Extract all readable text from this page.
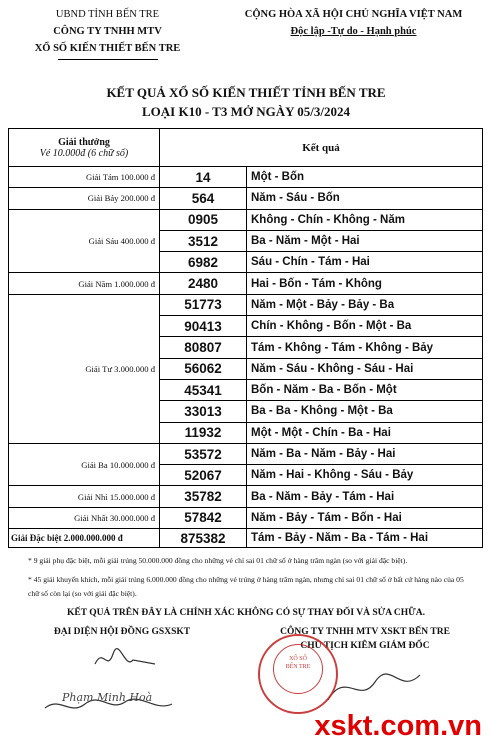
UBND TỈNH BẾN TRE
CÔNG TY TNHH MTV
XỔ SỐ KIẾN THIẾT BẾN TRE
CỘNG HÒA XÃ HỘI CHỦ NGHĨA VIỆT NAM
Độc lập -Tự do - Hạnh phúc
KẾT QUẢ XỔ SỐ KIẾN THIẾT TỈNH BẾN TRE
LOẠI K10 - T3 MỞ NGÀY 05/3/2024
Giải thưởng
Vé 10.000đ (6 chữ số)	Kết quả	
Giải Tám 100.000 đ	14	Một - Bốn
Giải Bảy 200.000 đ	564	Năm - Sáu - Bốn
Giải Sáu 400.000 đ	0905	Không - Chín - Không - Năm
	3512	Ba - Năm - Một - Hai
	6982	Sáu - Chín - Tám - Hai
Giải Năm 1.000.000 đ	2480	Hai - Bốn - Tám - Không
Giải Tư 3.000.000 đ	51773	Năm - Một - Bảy - Bảy - Ba
	90413	Chín - Không - Bốn - Một - Ba
	80807	Tám - Không - Tám - Không - Bảy
	56062	Năm - Sáu - Không - Sáu - Hai
	45341	Bốn - Năm - Ba - Bốn - Một
	33013	Ba - Ba - Không - Một - Ba
	11932	Một - Một - Chín - Ba - Hai
Giải Ba 10.000.000 đ	53572	Năm - Ba - Năm - Bảy - Hai
	52067	Năm - Hai - Không - Sáu - Bảy
Giải Nhì 15.000.000 đ	35782	Ba - Năm - Bảy - Tám - Hai
Giải Nhất 30.000.000 đ	57842	Năm - Bảy - Tám - Bốn - Hai
Giải Đặc biệt 2.000.000.000 đ	875382	Tám - Bảy - Năm - Ba - Tám - Hai
* 9 giải phụ đặc biệt, mỗi giải trúng 50.000.000 đồng cho những vé chỉ sai 01 chữ số ở hàng trăm ngàn (so với giải đặc biệt).
* 45 giải khuyến khích, mỗi giải trúng 6.000.000 đồng cho những vé trúng ở hàng trăm ngàn, nhưng chỉ sai 01 chữ số ở bất cứ hàng nào của 05 chữ số còn lại (so với giải đặc biệt).
KẾT QUẢ TRÊN ĐÂY LÀ CHÍNH XÁC KHÔNG CÓ SỰ THAY ĐỔI VÀ SỬA CHỮA.
ĐẠI DIỆN HỘI ĐỒNG GSXSKT	CÔNG TY TNHH MTV XSKT BẾN TRE
CHỦ TỊCH KIÊM GIÁM ĐỐC
Phạm Minh Hoà
XỔ SỐ
BẾN TRE
xskt.com.vn
